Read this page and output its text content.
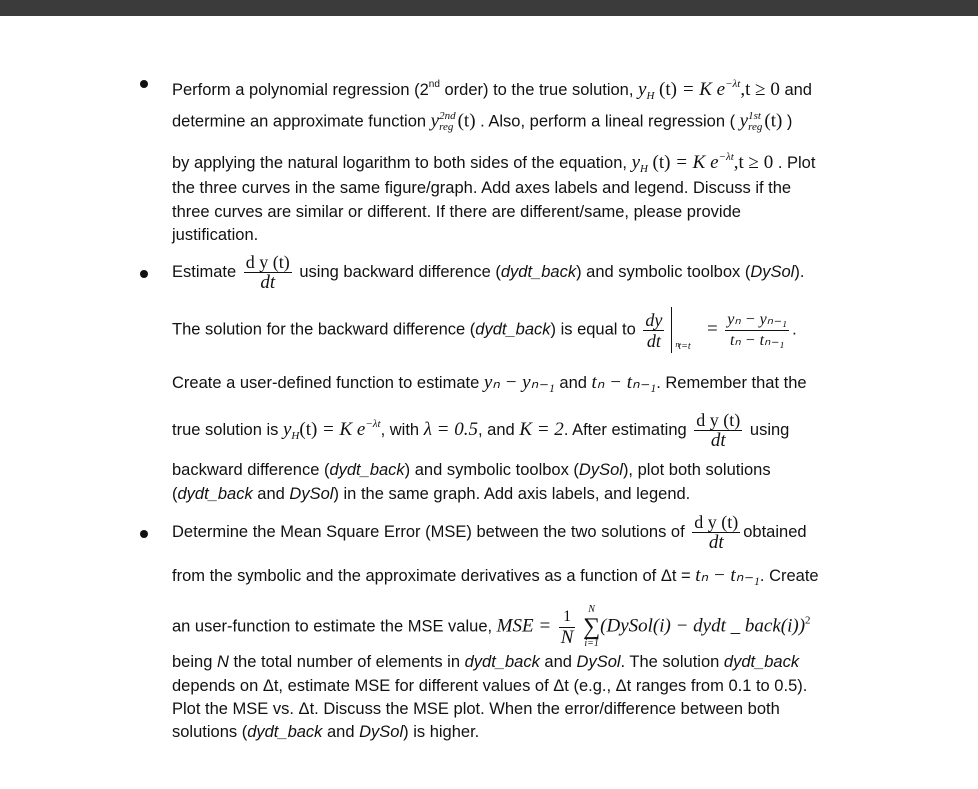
Perform a polynomial regression (2nd order) to the true solution, $y_H$ (t) = K $e^{-\lambda t},t \ge 0$ and
determine an approximate function y 2nd
reg (t) . Also, perform a lineal regression ( y 1st
reg (t) )
by applying the natural logarithm to both sides of the equation, $y_H$ (t) = K $e^{-\lambda t},t \ge 0$ . Plot
the three curves in the same figure/graph. Add axes labels and legend. Discuss if the
three curves are similar or different. If there are different/same, please provide
justification.
Estimate $\frac{\text{d y (t)}}{dt}$ using backward difference (dydt_back) and symbolic toolbox (DySol).
The solution for the backward difference (dydt_back) is equal to $\frac{dy}{dt} t=t$
$_n$
= $\frac{\text{yₙ − yₙ₋₁}}{\text{tₙ − tₙ₋₁}}$ .
Create a user-defined function to estimate yₙ − yₙ₋₁ and tₙ − tₙ₋₁. Remember that the
true solution is $y_H(t) = K$ $e^{-\lambda t}$, with λ = 0.5, and K = 2. After estimating $\frac{\text{d y (t)}}{dt}$ using
backward difference (dydt_back) and symbolic toolbox (DySol), plot both solutions
(dydt_back and DySol) in the same graph. Add axis labels, and legend.
Determine the Mean Square Error (MSE) between the two solutions of $\frac{\text{d y (t)}}{dt}$ obtained
from the symbolic and the approximate derivatives as a function of Δt = tₙ − tₙ₋₁. Create
an user-function to estimate the MSE value, MSE = $\frac{1}{N}$
	N
∑
i=1
(DySol(i) − dydt _ back(i))$^2$
being N the total number of elements in dydt_back and DySol. The solution dydt_back
depends on Δt, estimate MSE for different values of Δt (e.g., Δt ranges from 0.1 to 0.5).
Plot the MSE vs. Δt. Discuss the MSE plot. When the error/difference between both
solutions (dydt_back and DySol) is higher.
